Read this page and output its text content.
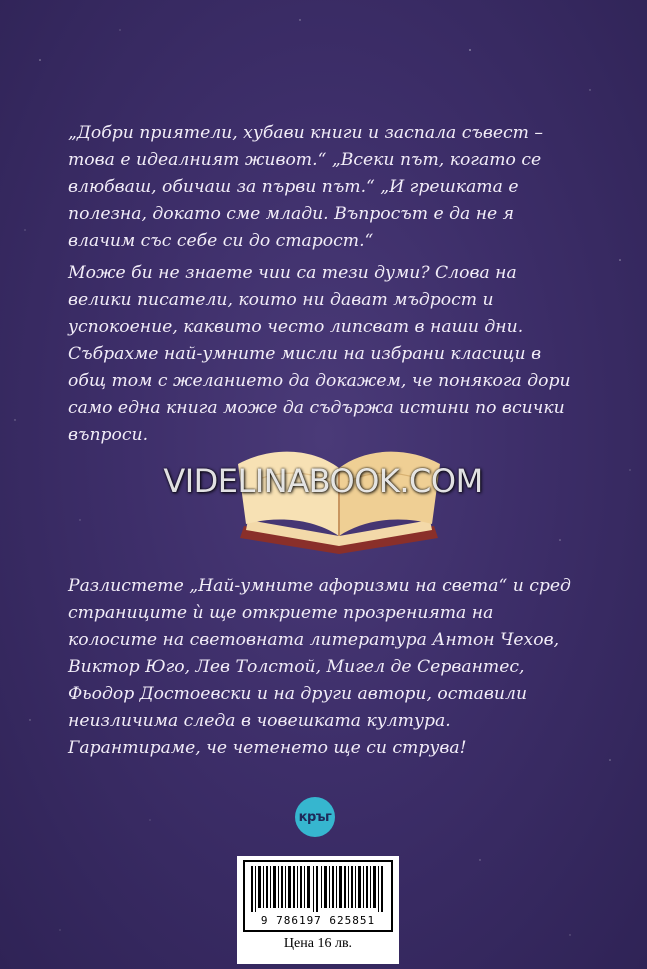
„Добри приятели, хубави книги и заспала съвест – това е идеалният живот.“ „Всеки път, когато се влюбваш, обичаш за първи път.“ „И грешката е полезна, докато сме млади. Въпросът е да не я влачим със себе си до старост.“

Може би не знаете чии са тези думи? Слова на велики писатели, които ни дават мъдрост и успокоение, каквито често липсват в наши дни. Събрахме най-умните мисли на избрани класици в общ том с желанието да докажем, че понякога дори само една книга може да съдържа истини по всички въпроси.

VIDELINABOOK.COM

Разлистете „Най-умните афоризми на света“ и сред страниците ѝ ще откриете прозренията на колосите на световната литература Антон Чехов, Виктор Юго, Лев Толстой, Мигел де Сервантес, Фьодор Достоевски и на други автори, оставили неизличима следа в човешката култура. Гарантираме, че четенето ще си струва!

кръг
9 786197 625851
Цена 16 лв.
